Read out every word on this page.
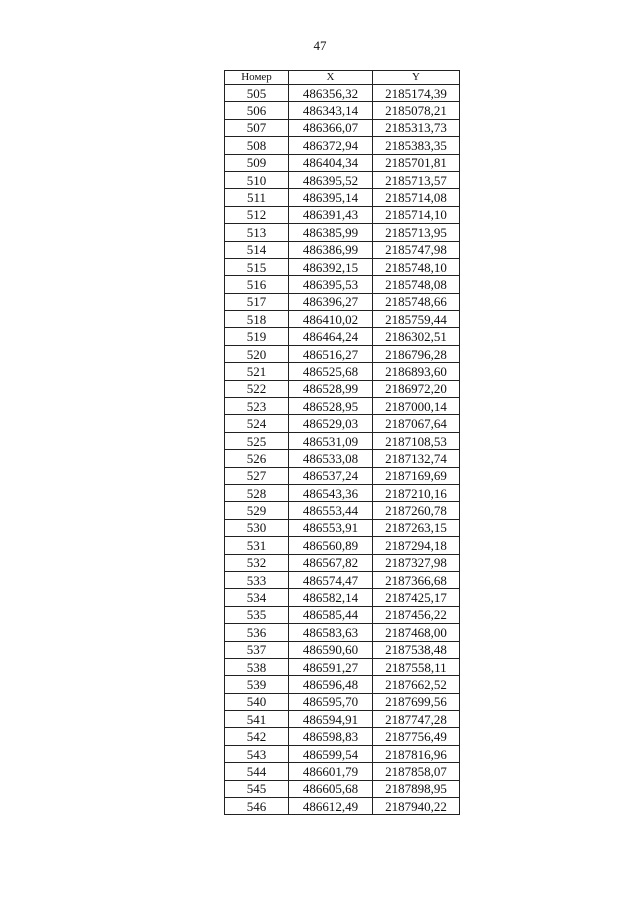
47
Номер	X	Y
505	486356,32	2185174,39
506	486343,14	2185078,21
507	486366,07	2185313,73
508	486372,94	2185383,35
509	486404,34	2185701,81
510	486395,52	2185713,57
511	486395,14	2185714,08
512	486391,43	2185714,10
513	486385,99	2185713,95
514	486386,99	2185747,98
515	486392,15	2185748,10
516	486395,53	2185748,08
517	486396,27	2185748,66
518	486410,02	2185759,44
519	486464,24	2186302,51
520	486516,27	2186796,28
521	486525,68	2186893,60
522	486528,99	2186972,20
523	486528,95	2187000,14
524	486529,03	2187067,64
525	486531,09	2187108,53
526	486533,08	2187132,74
527	486537,24	2187169,69
528	486543,36	2187210,16
529	486553,44	2187260,78
530	486553,91	2187263,15
531	486560,89	2187294,18
532	486567,82	2187327,98
533	486574,47	2187366,68
534	486582,14	2187425,17
535	486585,44	2187456,22
536	486583,63	2187468,00
537	486590,60	2187538,48
538	486591,27	2187558,11
539	486596,48	2187662,52
540	486595,70	2187699,56
541	486594,91	2187747,28
542	486598,83	2187756,49
543	486599,54	2187816,96
544	486601,79	2187858,07
545	486605,68	2187898,95
546	486612,49	2187940,22
